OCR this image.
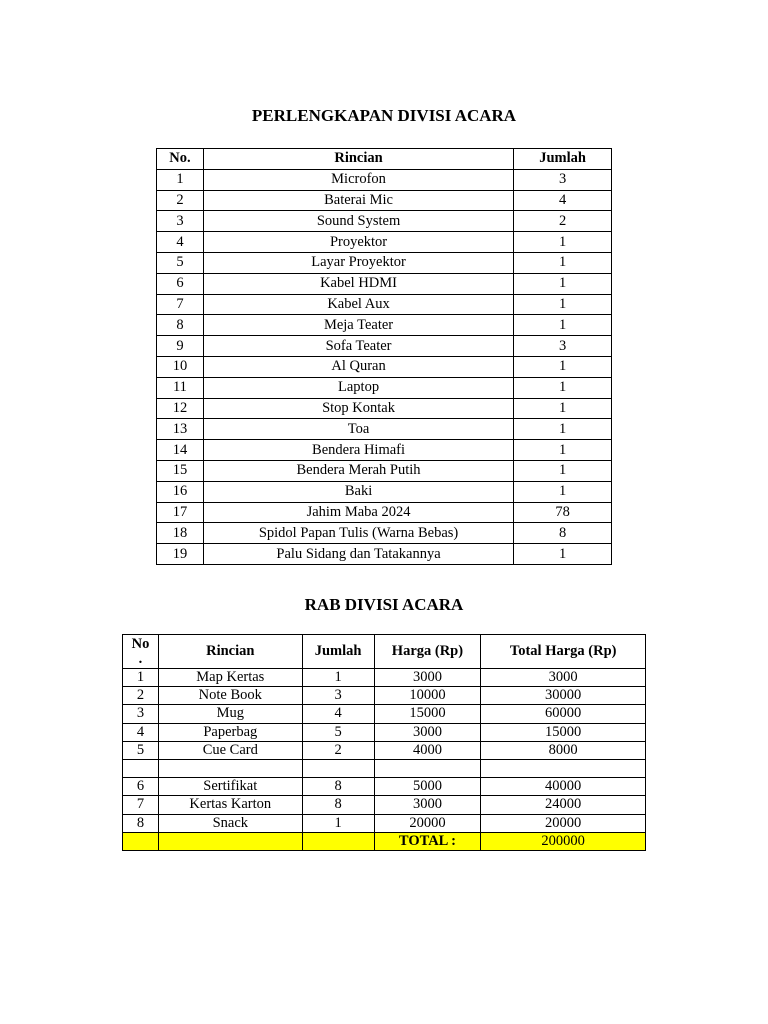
PERLENGKAPAN DIVISI ACARA
No.	Rincian	Jumlah
1	Microfon	3
2	Baterai Mic	4
3	Sound System	2
4	Proyektor	1
5	Layar Proyektor	1
6	Kabel HDMI	1
7	Kabel Aux	1
8	Meja Teater	1
9	Sofa Teater	3
10	Al Quran	1
11	Laptop	1
12	Stop Kontak	1
13	Toa	1
14	Bendera Himafi	1
15	Bendera Merah Putih	1
16	Baki	1
17	Jahim Maba 2024	78
18	Spidol Papan Tulis (Warna Bebas)	8
19	Palu Sidang dan Tatakannya	1
RAB DIVISI ACARA
No
.	Rincian	Jumlah	Harga (Rp)	Total Harga (Rp)
1	Map Kertas	1	3000	3000
2	Note Book	3	10000	30000
3	Mug	4	15000	60000
4	Paperbag	5	3000	15000
5	Cue Card	2	4000	8000

6	Sertifikat	8	5000	40000
7	Kertas Karton	8	3000	24000
8	Snack	1	20000	20000
			TOTAL :	200000
